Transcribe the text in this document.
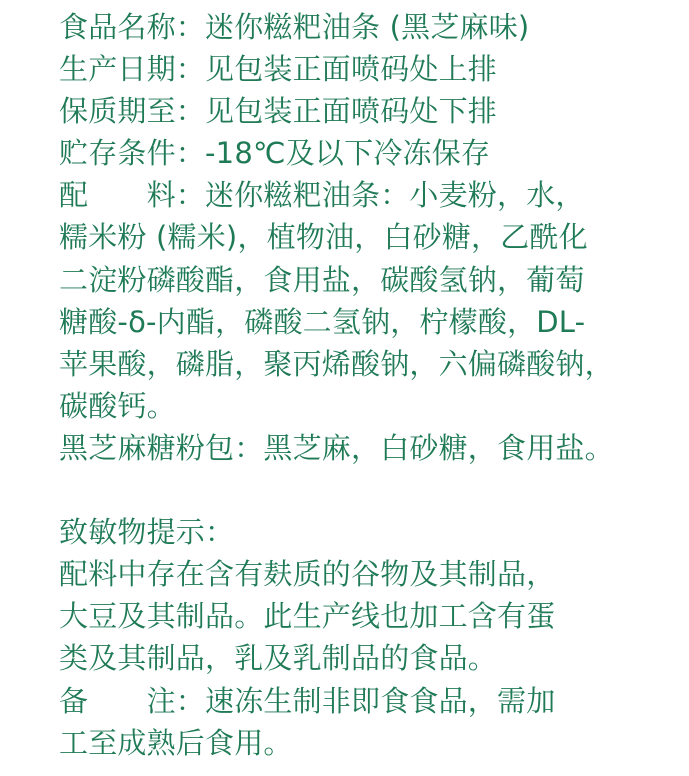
食品名称：迷你糍粑油条 (黑芝麻味)
生产日期：见包装正面喷码处上排
保质期至：见包装正面喷码处下排
贮存条件：-18℃及以下冷冻保存
配　　料：迷你糍粑油条：小麦粉，水，
糯米粉 (糯米)，植物油，白砂糖，乙酰化
二淀粉磷酸酯，食用盐，碳酸氢钠，葡萄
糖酸-δ-内酯，磷酸二氢钠，柠檬酸，DL-
苹果酸，磷脂，聚丙烯酸钠，六偏磷酸钠，
碳酸钙。
黑芝麻糖粉包：黑芝麻，白砂糖，食用盐。
致敏物提示：
配料中存在含有麸质的谷物及其制品，
大豆及其制品。此生产线也加工含有蛋
类及其制品，乳及乳制品的食品。
备　　注：速冻生制非即食食品，需加
工至成熟后食用。
